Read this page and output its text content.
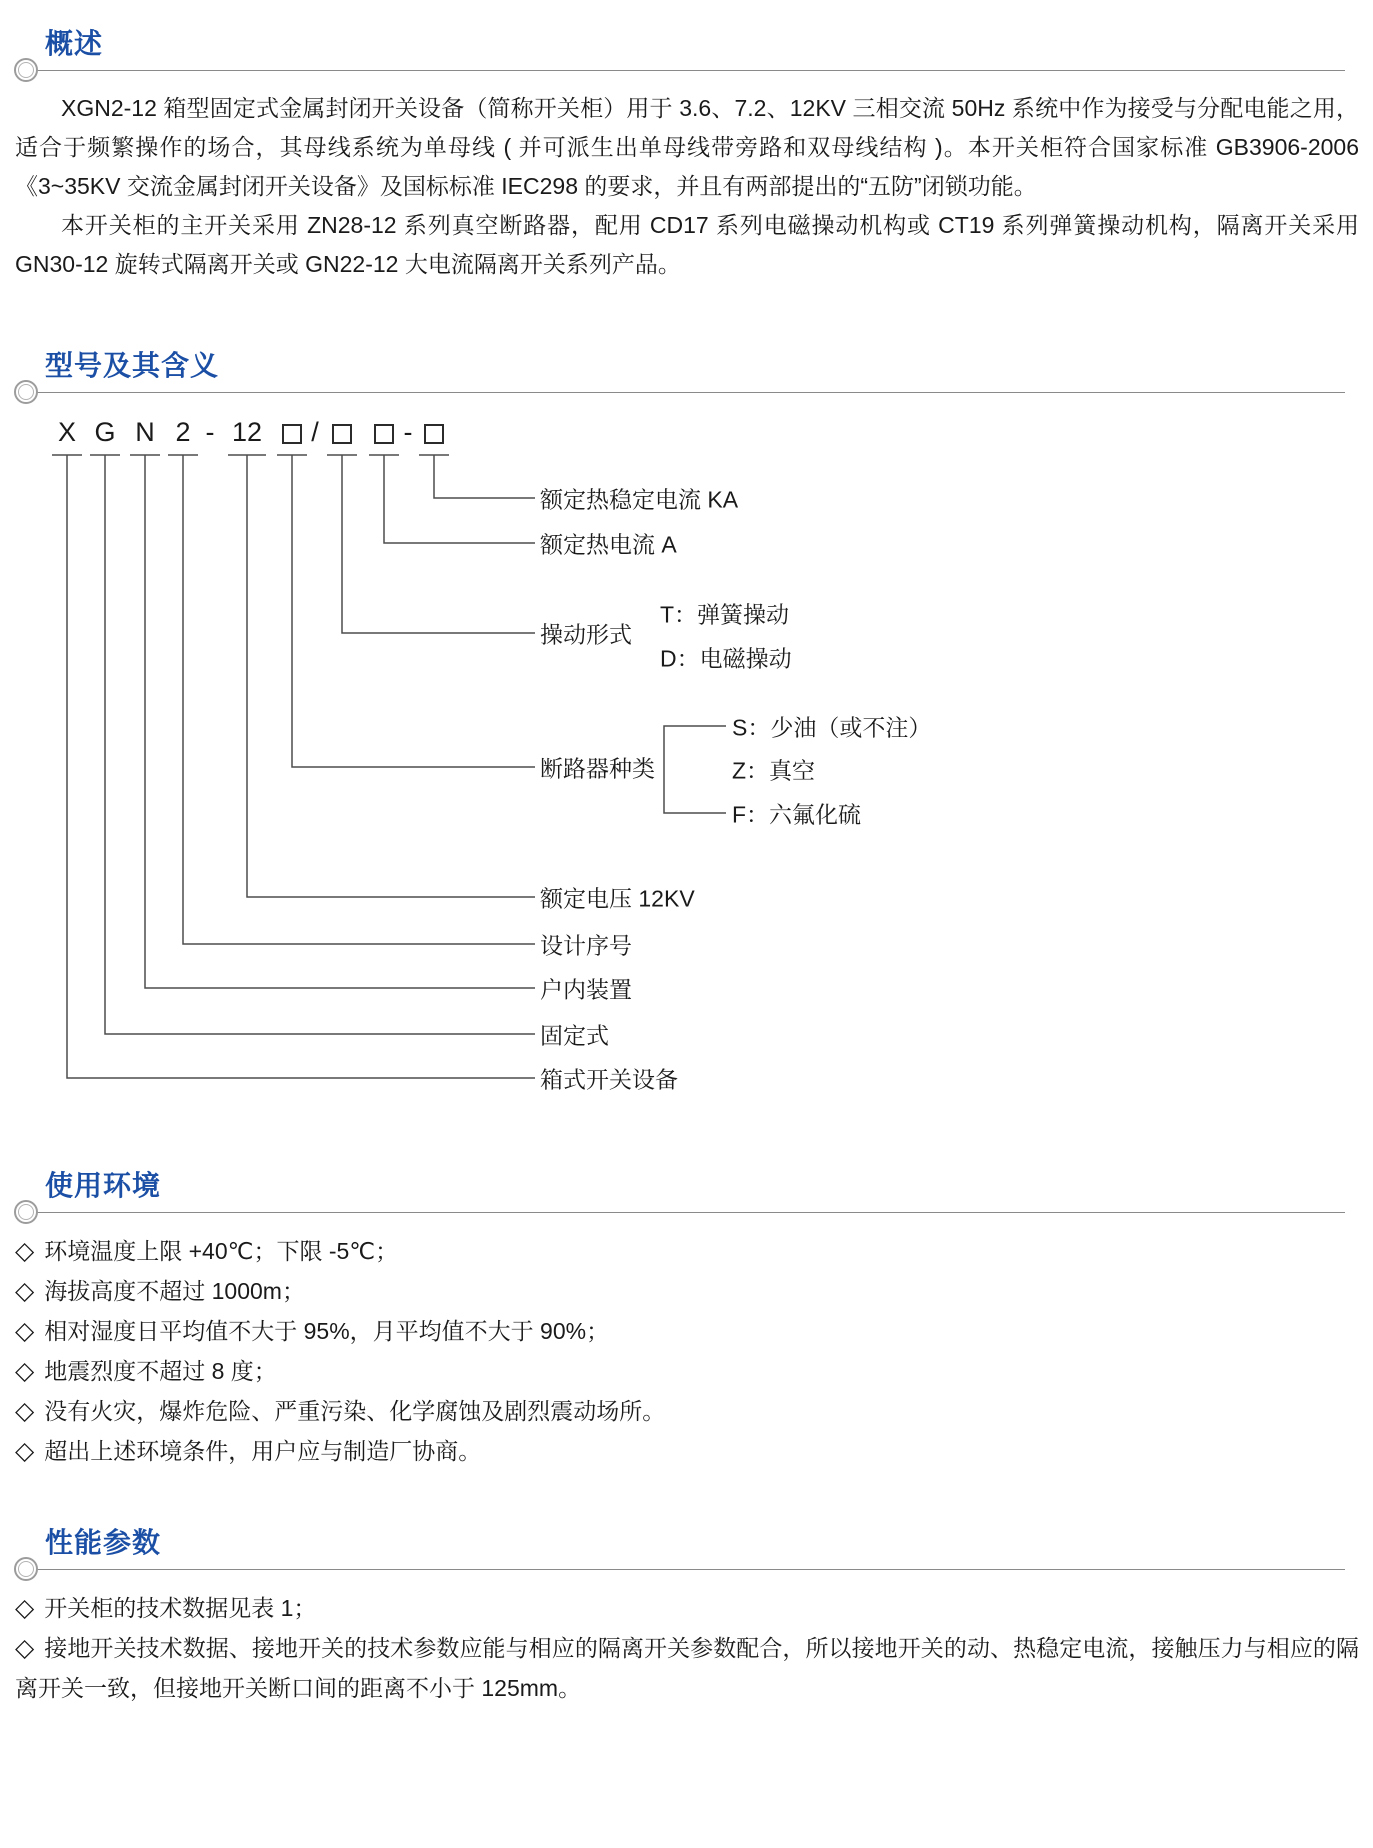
概述

XGN2-12 箱型固定式金属封闭开关设备（简称开关柜）用于 3.6、7.2、12KV 三相交流 50Hz 系统中作为接受与分配电能之用，适合于频繁操作的场合，其母线系统为单母线 ( 并可派生出单母线带旁路和双母线结构 )。本开关柜符合国家标准 GB3906-2006《3~35KV 交流金属封闭开关设备》及国标标准 IEC298 的要求，并且有两部提出的“五防”闭锁功能。

本开关柜的主开关采用 ZN28-12 系列真空断路器，配用 CD17 系列电磁操动机构或 CT19 系列弹簧操动机构，隔离开关采用 GN30-12 旋转式隔离开关或 GN22-12 大电流隔离开关系列产品。

型号及其含义
X G N 2 - 12 /	-
额定热稳定电流 KA
额定热电流 A
操动形式
T：弹簧操动
D：电磁操动
断路器种类
S：少油（或不注）
Z：真空
F：六氟化硫
额定电压 12KV
设计序号
户内装置
固定式
箱式开关设备
使用环境
◇ 环境温度上限 +40℃；下限 -5℃；
◇ 海拔高度不超过 1000m；
◇ 相对湿度日平均值不大于 95%，月平均值不大于 90%；
◇ 地震烈度不超过 8 度；
◇ 没有火灾，爆炸危险、严重污染、化学腐蚀及剧烈震动场所。
◇ 超出上述环境条件，用户应与制造厂协商。
性能参数
◇ 开关柜的技术数据见表 1；
◇ 接地开关技术数据、接地开关的技术参数应能与相应的隔离开关参数配合，所以接地开关的动、热稳定电流，接触压力与相应的隔离开关一致，但接地开关断口间的距离不小于 125mm。
